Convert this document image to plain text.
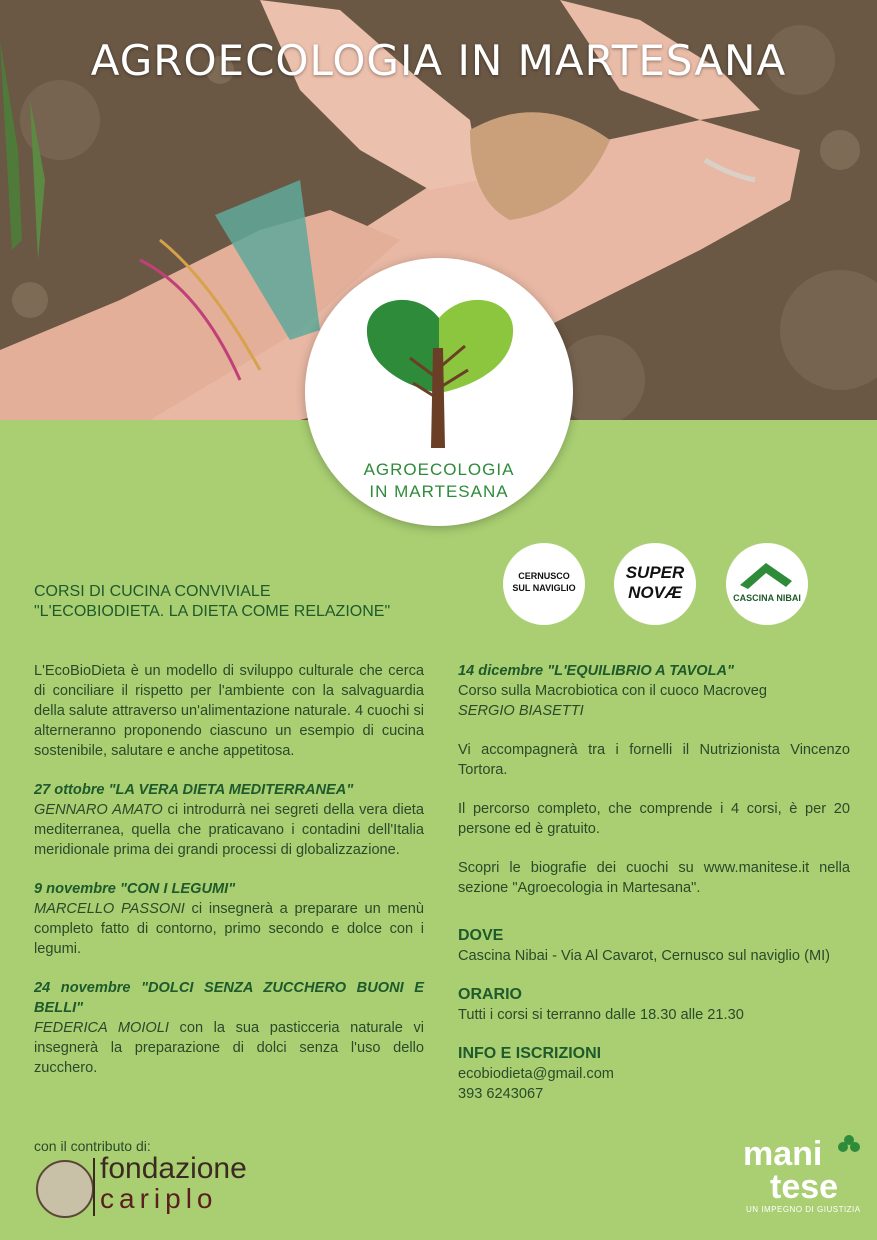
AGROECOLOGIA IN MARTESANA
AGROECOLOGIA
IN MARTESANA
CERNUSCO
SUL NAVIGLIO
SUPER
NOVÆ	CASCINA NIBAI
CORSI DI CUCINA CONVIVIALE
"L'ECOBIODIETA. LA DIETA COME RELAZIONE"

L'EcoBioDieta è un modello di sviluppo culturale che cerca di conciliare il rispetto per l'ambiente con la salvaguardia della salute attraverso un'alimentazione naturale. 4 cuochi si alterneranno proponendo ciascuno un esempio di cucina sostenibile, salutare e anche appetitosa.

27 ottobre "LA VERA DIETA MEDITERRANEA"
GENNARO AMATO ci introdurrà nei segreti della vera dieta mediterranea, quella che praticavano i contadini dell'Italia meridionale prima dei grandi processi di globalizzazione.

9 novembre "CON I LEGUMI"
MARCELLO PASSONI ci insegnerà a preparare un menù completo fatto di contorno, primo secondo e dolce con i legumi.

24 novembre "DOLCI SENZA ZUCCHERO BUONI E BELLI"
FEDERICA MOIOLI con la sua pasticceria naturale vi insegnerà la preparazione di dolci senza l'uso dello zucchero.

14 dicembre "L'EQUILIBRIO A TAVOLA"
Corso sulla Macrobiotica con il cuoco Macroveg
SERGIO BIASETTI

Vi accompagnerà tra i fornelli il Nutrizionista Vincenzo Tortora.

Il percorso completo, che comprende i 4 corsi, è per 20 persone ed è gratuito.

Scopri le biografie dei cuochi su www.manitese.it nella sezione "Agroecologia in Martesana".

DOVE
Cascina Nibai - Via Al Cavarot, Cernusco sul naviglio (MI)

ORARIO
Tutti i corsi si terranno dalle 18.30 alle 21.30

INFO E ISCRIZIONI
ecobiodieta@gmail.com
393 6243067

con il contributo di:
fondazione
cariplo
mani
tese
UN IMPEGNO DI GIUSTIZIA
